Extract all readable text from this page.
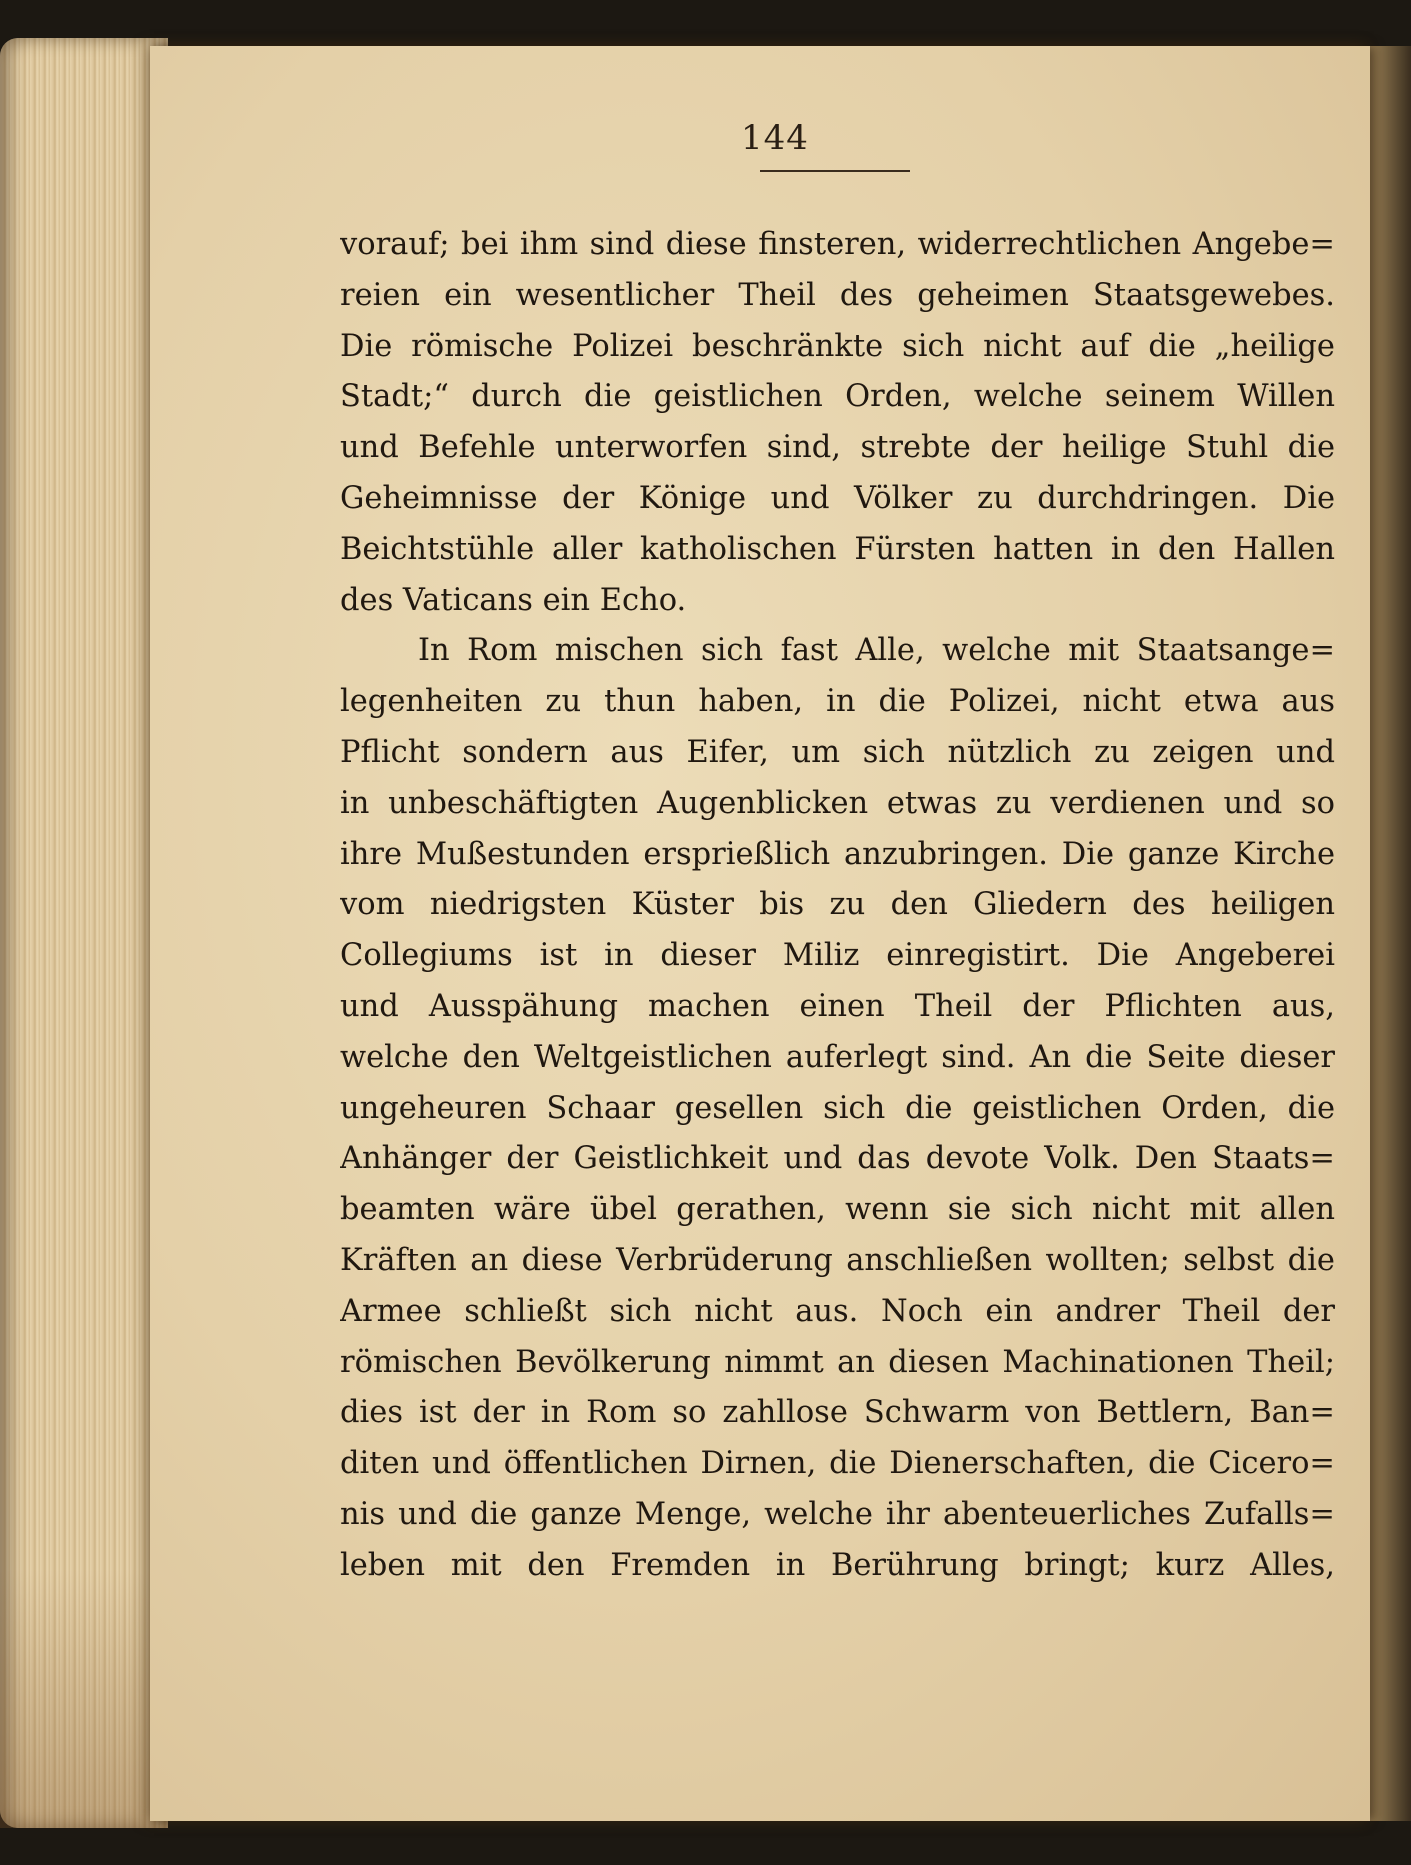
144
vorauf; bei ihm sind diese finsteren, widerrechtlichen Angebe=
reien ein wesentlicher Theil des geheimen Staatsgewebes.
Die römische Polizei beschränkte sich nicht auf die „heilige
Stadt;“ durch die geistlichen Orden, welche seinem Willen
und Befehle unterworfen sind, strebte der heilige Stuhl die
Geheimnisse der Könige und Völker zu durchdringen. Die
Beichtstühle aller katholischen Fürsten hatten in den Hallen
des Vaticans ein Echo.
In Rom mischen sich fast Alle, welche mit Staatsange=
legenheiten zu thun haben, in die Polizei, nicht etwa aus
Pflicht sondern aus Eifer, um sich nützlich zu zeigen und
in unbeschäftigten Augenblicken etwas zu verdienen und so
ihre Mußestunden ersprießlich anzubringen. Die ganze Kirche
vom niedrigsten Küster bis zu den Gliedern des heiligen
Collegiums ist in dieser Miliz einregistirt. Die Angeberei
und Ausspähung machen einen Theil der Pflichten aus,
welche den Weltgeistlichen auferlegt sind. An die Seite dieser
ungeheuren Schaar gesellen sich die geistlichen Orden, die
Anhänger der Geistlichkeit und das devote Volk. Den Staats=
beamten wäre übel gerathen, wenn sie sich nicht mit allen
Kräften an diese Verbrüderung anschließen wollten; selbst die
Armee schließt sich nicht aus. Noch ein andrer Theil der
römischen Bevölkerung nimmt an diesen Machinationen Theil;
dies ist der in Rom so zahllose Schwarm von Bettlern, Ban=
diten und öffentlichen Dirnen, die Dienerschaften, die Cicero=
nis und die ganze Menge, welche ihr abenteuerliches Zufalls=
leben mit den Fremden in Berührung bringt; kurz Alles,
